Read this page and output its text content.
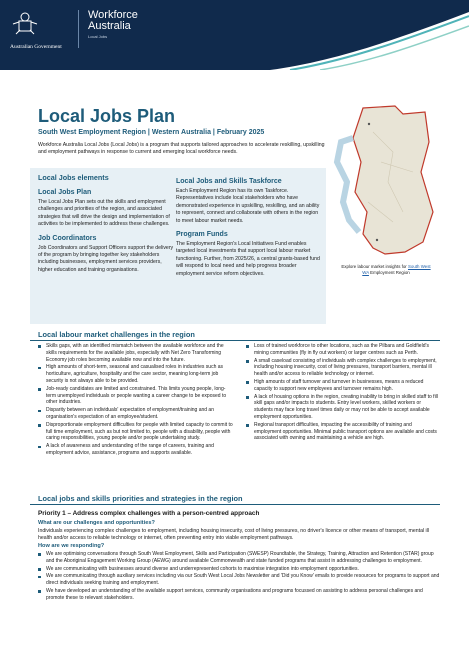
Australian Government
Workforce
Australia
Local Jobs
Local Jobs Plan
South West Employment Region | Western Australia | February 2025
Workforce Australia Local Jobs (Local Jobs) is a program that supports tailored approaches to accelerate reskilling, upskilling and employment pathways in response to current and emerging local workforce needs.
Explore labour market insights for South West WA Employment Region
Local Jobs elements
Local Jobs Plan

The Local Jobs Plan sets out the skills and employment challenges and priorities of the region, and associated strategies that will drive the design and implementation of activities to be implemented to address these challenges.

Job Coordinators

Job Coordinators and Support Officers support the delivery of the program by bringing together key stakeholders including businesses, employment services providers, higher education and training organisations.

Local Jobs and Skills Taskforce

Each Employment Region has its own Taskforce. Representatives include local stakeholders who have demonstrated experience in upskilling, reskilling, and an ability to represent, connect and collaborate with others in the region to meet labour market needs.

Program Funds

The Employment Region's Local Initiatives Fund enables targeted local investments that support local labour market functioning. Further, from 2025/26, a central grants-based fund will respond to local need and help progress broader employment service reform objectives.

Local labour market challenges in the region
Skills gaps, with an identified mismatch between the available workforce and the skills requirements for the available jobs, especially with Net Zero Transforming Economy job roles becoming available now and into the future.
High amounts of short-term, seasonal and casualised roles in industries such as horticulture, agriculture, hospitality and the care sector, meaning long-term job security is not always able to be provided.
Job-ready candidates are limited and constrained. This limits young people, long-term unemployed individuals or people wanting a career change to be exposed to other industries.
Disparity between an individuals' expectation of employment/training and an organisation's expectation of an employee/student.
Disproportionate employment difficulties for people with limited capacity to commit to full time employment, such as but not limited to, people with a disability, people with caring responsibilities, young people and/or people undertaking study.
A lack of awareness and understanding of the range of careers, training and employment advice, assistance, programs and supports available.
Loss of trained workforce to other locations, such as the Pilbara and Goldfield's mining communities (fly in fly out workers) or larger centres such as Perth.
A small caseload consisting of individuals with complex challenges to employment, including housing insecurity, cost of living pressures, transport barriers, mental ill health and/or access to reliable technology or internet.
High amounts of staff turnover and turnover in businesses, means a reduced capacity to support new employees and turnover remains high.
A lack of housing options in the region, creating inability to bring in skilled staff to fill skill gaps and/or impacts to students. Entry level workers, skilled workers or students may face long travel times daily or may not be able to accept available employment opportunities.
Regional transport difficulties, impacting the accessibility of training and employment opportunities. Minimal public transport options are available and costs associated with owning and maintaining a vehicle are high.
Local jobs and skills priorities and strategies in the region
Priority 1 – Address complex challenges with a person-centred approach
What are our challenges and opportunities?
Individuals experiencing complex challenges to employment, including housing insecurity, cost of living pressures, no driver's licence or other means of transport, mental ill health and/or access to reliable technology or internet, often preventing entry into viable employment pathways.
How are we responding?
We are optimising conversations through South West Employment, Skills and Participation (SWESP) Roundtable, the Strategy, Training, Attraction and Retention (STAR) group and the Aboriginal Engagement Working Group (AEWG) around available Commonwealth and state funded programs that assist in addressing challenges to employment.
We are communicating with businesses around diverse and underrepresented cohorts to maximise integration into employment opportunities.
We are communicating through auxiliary services including via our South West Local Jobs Newsletter and 'Did you Know' emails to provide resources for programs to support and direct individuals seeking training and employment.
We have developed an understanding of the available support services, community organisations and programs focussed on assisting to address personal challenges and promote these to relevant stakeholders.
